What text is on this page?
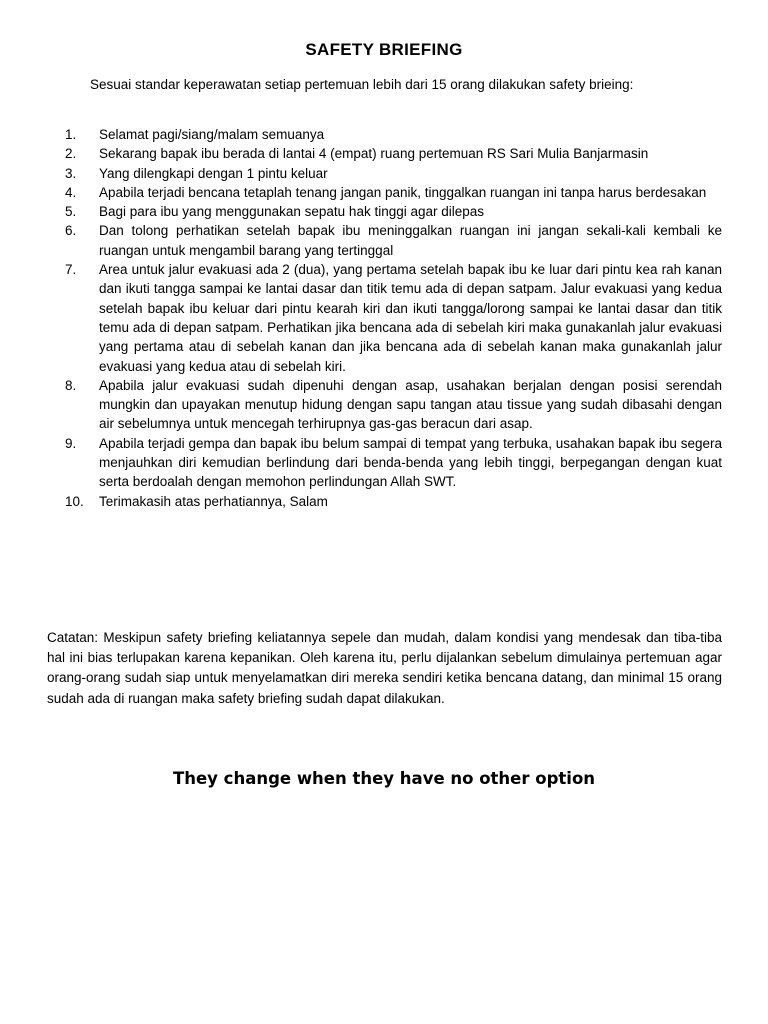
SAFETY BRIEFING

Sesuai standar keperawatan setiap pertemuan lebih dari 15 orang dilakukan safety brieing:

1.	Selamat pagi/siang/malam semuanya
2.	Sekarang bapak ibu berada di lantai 4 (empat) ruang pertemuan RS Sari Mulia Banjarmasin
3.	Yang dilengkapi dengan 1 pintu keluar
4.	Apabila terjadi bencana tetaplah tenang jangan panik, tinggalkan ruangan ini tanpa harus berdesakan
5.	Bagi para ibu yang menggunakan sepatu hak tinggi agar dilepas
6.	Dan tolong perhatikan setelah bapak ibu meninggalkan ruangan ini jangan sekali-kali kembali ke ruangan untuk mengambil barang yang tertinggal
7.	Area untuk jalur evakuasi ada 2 (dua), yang pertama setelah bapak ibu ke luar dari pintu kea rah kanan dan ikuti tangga sampai ke lantai dasar dan titik temu ada di depan satpam. Jalur evakuasi yang kedua setelah bapak ibu keluar dari pintu kearah kiri dan ikuti tangga/lorong sampai ke lantai dasar dan titik temu ada di depan satpam. Perhatikan jika bencana ada di sebelah kiri maka gunakanlah jalur evakuasi yang pertama atau di sebelah kanan dan jika bencana ada di sebelah kanan maka gunakanlah jalur evakuasi yang kedua atau di sebelah kiri.
8.	Apabila jalur evakuasi sudah dipenuhi dengan asap, usahakan berjalan dengan posisi serendah mungkin dan upayakan menutup hidung dengan sapu tangan atau tissue yang sudah dibasahi dengan air sebelumnya untuk mencegah terhirupnya gas-gas beracun dari asap.
9.	Apabila terjadi gempa dan bapak ibu belum sampai di tempat yang terbuka, usahakan bapak ibu segera menjauhkan diri kemudian berlindung dari benda-benda yang lebih tinggi, berpegangan dengan kuat serta berdoalah dengan memohon perlindungan Allah SWT.
10.	Terimakasih atas perhatiannya, Salam

Catatan: Meskipun safety briefing keliatannya sepele dan mudah, dalam kondisi yang mendesak dan tiba-tiba hal ini bias terlupakan karena kepanikan. Oleh karena itu, perlu dijalankan sebelum dimulainya pertemuan agar orang-orang sudah siap untuk menyelamatkan diri mereka sendiri ketika bencana datang, dan minimal 15 orang sudah ada di ruangan maka safety briefing sudah dapat dilakukan.

They change when they have no other option
